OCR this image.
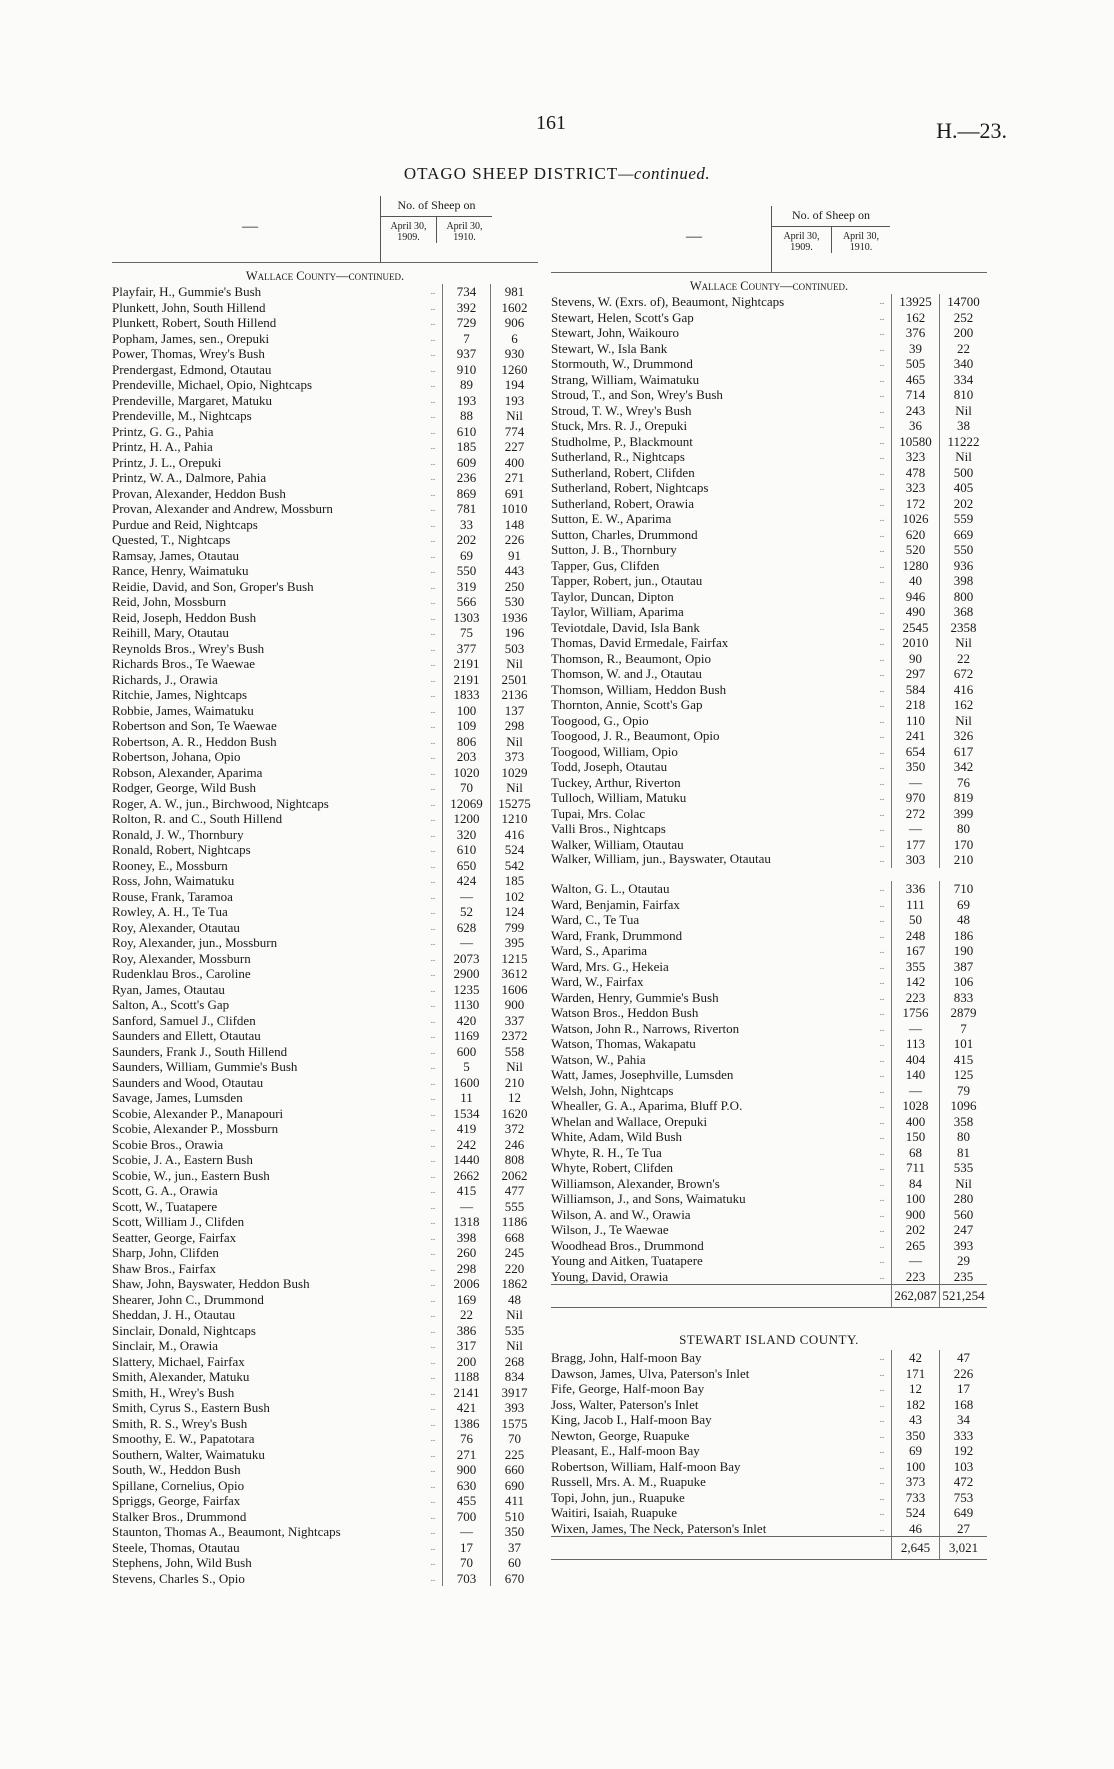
161	H.—23.
OTAGO SHEEP DISTRICT—continued.
—
No. of Sheep on
April 30, 1909.
April 30, 1910.
Wallace County—continued.
Playfair, H., Gummie's Bush	..	734	981
Plunkett, John, South Hillend	..	392	1602
Plunkett, Robert, South Hillend	..	729	906
Popham, James, sen., Orepuki	..	7	6
Power, Thomas, Wrey's Bush	..	937	930
Prendergast, Edmond, Otautau	..	910	1260
Prendeville, Michael, Opio, Nightcaps	..	89	194
Prendeville, Margaret, Matuku	..	193	193
Prendeville, M., Nightcaps	..	88	Nil
Printz, G. G., Pahia	..	610	774
Printz, H. A., Pahia	..	185	227
Printz, J. L., Orepuki	..	609	400
Printz, W. A., Dalmore, Pahia	..	236	271
Provan, Alexander, Heddon Bush	..	869	691
Provan, Alexander and Andrew, Mossburn	..	781	1010
Purdue and Reid, Nightcaps	..	33	148
Quested, T., Nightcaps	..	202	226
Ramsay, James, Otautau	..	69	91
Rance, Henry, Waimatuku	..	550	443
Reidie, David, and Son, Groper's Bush	..	319	250
Reid, John, Mossburn	..	566	530
Reid, Joseph, Heddon Bush	..	1303	1936
Reihill, Mary, Otautau	..	75	196
Reynolds Bros., Wrey's Bush	..	377	503
Richards Bros., Te Waewae	..	2191	Nil
Richards, J., Orawia	..	2191	2501
Ritchie, James, Nightcaps	..	1833	2136
Robbie, James, Waimatuku	..	100	137
Robertson and Son, Te Waewae	..	109	298
Robertson, A. R., Heddon Bush	..	806	Nil
Robertson, Johana, Opio	..	203	373
Robson, Alexander, Aparima	..	1020	1029
Rodger, George, Wild Bush	..	70	Nil
Roger, A. W., jun., Birchwood, Nightcaps	..	12069	15275
Rolton, R. and C., South Hillend	..	1200	1210
Ronald, J. W., Thornbury	..	320	416
Ronald, Robert, Nightcaps	..	610	524
Rooney, E., Mossburn	..	650	542
Ross, John, Waimatuku	..	424	185
Rouse, Frank, Taramoa	..	—	102
Rowley, A. H., Te Tua	..	52	124
Roy, Alexander, Otautau	..	628	799
Roy, Alexander, jun., Mossburn	..	—	395
Roy, Alexander, Mossburn	..	2073	1215
Rudenklau Bros., Caroline	..	2900	3612
Ryan, James, Otautau	..	1235	1606
Salton, A., Scott's Gap	..	1130	900
Sanford, Samuel J., Clifden	..	420	337
Saunders and Ellett, Otautau	..	1169	2372
Saunders, Frank J., South Hillend	..	600	558
Saunders, William, Gummie's Bush	..	5	Nil
Saunders and Wood, Otautau	..	1600	210
Savage, James, Lumsden	..	11	12
Scobie, Alexander P., Manapouri	..	1534	1620
Scobie, Alexander P., Mossburn	..	419	372
Scobie Bros., Orawia	..	242	246
Scobie, J. A., Eastern Bush	..	1440	808
Scobie, W., jun., Eastern Bush	..	2662	2062
Scott, G. A., Orawia	..	415	477
Scott, W., Tuatapere	..	—	555
Scott, William J., Clifden	..	1318	1186
Seatter, George, Fairfax	..	398	668
Sharp, John, Clifden	..	260	245
Shaw Bros., Fairfax	..	298	220
Shaw, John, Bayswater, Heddon Bush	..	2006	1862
Shearer, John C., Drummond	..	169	48
Sheddan, J. H., Otautau	..	22	Nil
Sinclair, Donald, Nightcaps	..	386	535
Sinclair, M., Orawia	..	317	Nil
Slattery, Michael, Fairfax	..	200	268
Smith, Alexander, Matuku	..	1188	834
Smith, H., Wrey's Bush	..	2141	3917
Smith, Cyrus S., Eastern Bush	..	421	393
Smith, R. S., Wrey's Bush	..	1386	1575
Smoothy, E. W., Papatotara	..	76	70
Southern, Walter, Waimatuku	..	271	225
South, W., Heddon Bush	..	900	660
Spillane, Cornelius, Opio	..	630	690
Spriggs, George, Fairfax	..	455	411
Stalker Bros., Drummond	..	700	510
Staunton, Thomas A., Beaumont, Nightcaps	..	—	350
Steele, Thomas, Otautau	..	17	37
Stephens, John, Wild Bush	..	70	60
Stevens, Charles S., Opio	..	703	670
—
No. of Sheep on
April 30, 1909.
April 30, 1910.
Wallace County—continued.
Stevens, W. (Exrs. of), Beaumont, Nightcaps	..	13925	14700
Stewart, Helen, Scott's Gap	..	162	252
Stewart, John, Waikouro	..	376	200
Stewart, W., Isla Bank	..	39	22
Stormouth, W., Drummond	..	505	340
Strang, William, Waimatuku	..	465	334
Stroud, T., and Son, Wrey's Bush	..	714	810
Stroud, T. W., Wrey's Bush	..	243	Nil
Stuck, Mrs. R. J., Orepuki	..	36	38
Studholme, P., Blackmount	..	10580	11222
Sutherland, R., Nightcaps	..	323	Nil
Sutherland, Robert, Clifden	..	478	500
Sutherland, Robert, Nightcaps	..	323	405
Sutherland, Robert, Orawia	..	172	202
Sutton, E. W., Aparima	..	1026	559
Sutton, Charles, Drummond	..	620	669
Sutton, J. B., Thornbury	..	520	550
Tapper, Gus, Clifden	..	1280	936
Tapper, Robert, jun., Otautau	..	40	398
Taylor, Duncan, Dipton	..	946	800
Taylor, William, Aparima	..	490	368
Teviotdale, David, Isla Bank	..	2545	2358
Thomas, David Ermedale, Fairfax	..	2010	Nil
Thomson, R., Beaumont, Opio	..	90	22
Thomson, W. and J., Otautau	..	297	672
Thomson, William, Heddon Bush	..	584	416
Thornton, Annie, Scott's Gap	..	218	162
Toogood, G., Opio	..	110	Nil
Toogood, J. R., Beaumont, Opio	..	241	326
Toogood, William, Opio	..	654	617
Todd, Joseph, Otautau	..	350	342
Tuckey, Arthur, Riverton	..	—	76
Tulloch, William, Matuku	..	970	819
Tupai, Mrs. Colac	..	272	399
Valli Bros., Nightcaps	..	—	80
Walker, William, Otautau	..	177	170
Walker, William, jun., Bayswater, Otautau	..	303	210
Walton, G. L., Otautau	..	336	710
Ward, Benjamin, Fairfax	..	111	69
Ward, C., Te Tua	..	50	48
Ward, Frank, Drummond	..	248	186
Ward, S., Aparima	..	167	190
Ward, Mrs. G., Hekeia	..	355	387
Ward, W., Fairfax	..	142	106
Warden, Henry, Gummie's Bush	..	223	833
Watson Bros., Heddon Bush	..	1756	2879
Watson, John R., Narrows, Riverton	..	—	7
Watson, Thomas, Wakapatu	..	113	101
Watson, W., Pahia	..	404	415
Watt, James, Josephville, Lumsden	..	140	125
Welsh, John, Nightcaps	..	—	79
Whealler, G. A., Aparima, Bluff P.O.	..	1028	1096
Whelan and Wallace, Orepuki	..	400	358
White, Adam, Wild Bush	..	150	80
Whyte, R. H., Te Tua	..	68	81
Whyte, Robert, Clifden	..	711	535
Williamson, Alexander, Brown's	..	84	Nil
Williamson, J., and Sons, Waimatuku	..	100	280
Wilson, A. and W., Orawia	..	900	560
Wilson, J., Te Waewae	..	202	247
Woodhead Bros., Drummond	..	265	393
Young and Aitken, Tuatapere	..	—	29
Young, David, Orawia	..	223	235
262,087 521,254
STEWART ISLAND COUNTY.
Bragg, John, Half-moon Bay	..	42	47
Dawson, James, Ulva, Paterson's Inlet	..	171	226
Fife, George, Half-moon Bay	..	12	17
Joss, Walter, Paterson's Inlet	..	182	168
King, Jacob I., Half-moon Bay	..	43	34
Newton, George, Ruapuke	..	350	333
Pleasant, E., Half-moon Bay	..	69	192
Robertson, William, Half-moon Bay	..	100	103
Russell, Mrs. A. M., Ruapuke	..	373	472
Topi, John, jun., Ruapuke	..	733	753
Waitiri, Isaiah, Ruapuke	..	524	649
Wixen, James, The Neck, Paterson's Inlet	..	46	27
2,645	3,021
